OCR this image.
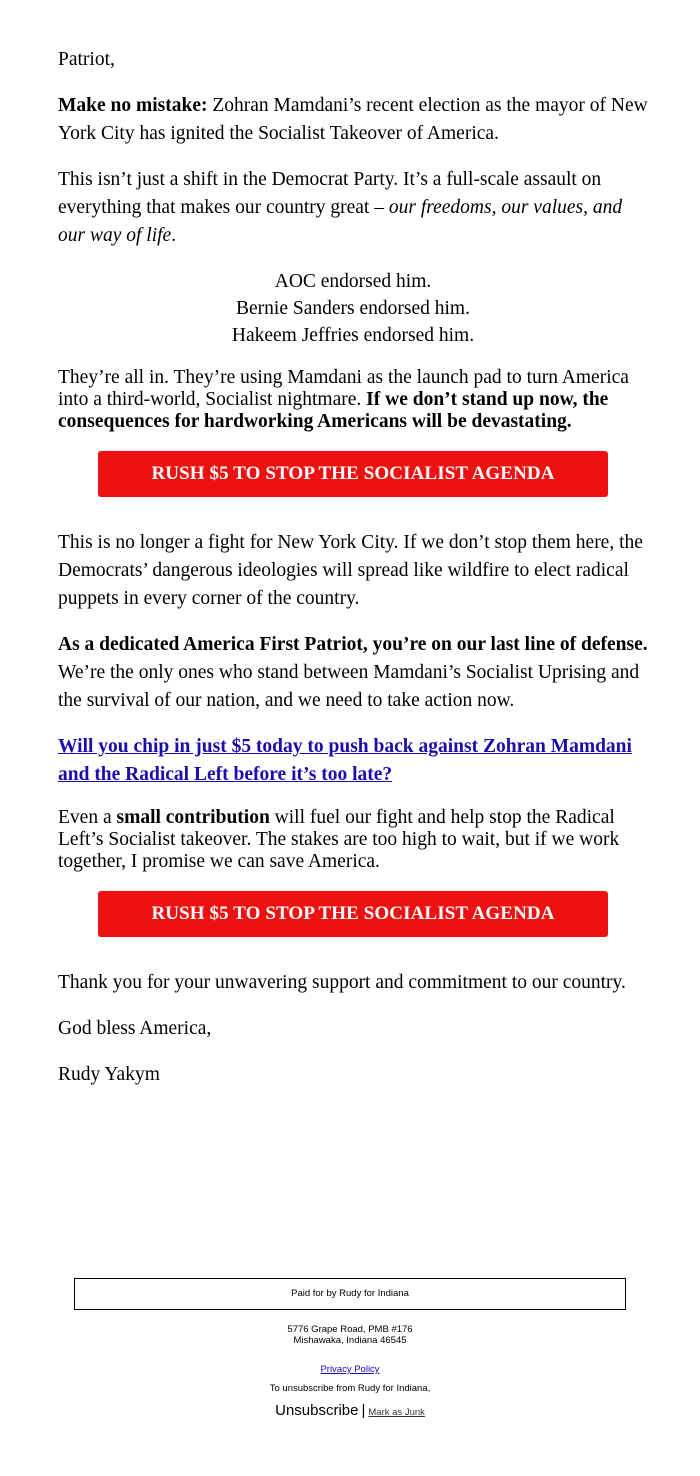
Patriot,

Make no mistake: Zohran Mamdani’s recent election as the mayor of New York City has ignited the Socialist Takeover of America.

This isn’t just a shift in the Democrat Party. It’s a full-scale assault on everything that makes our country great – our freedoms, our values, and our way of life.

AOC endorsed him.
Bernie Sanders endorsed him.
Hakeem Jeffries endorsed him.

They’re all in. They’re using Mamdani as the launch pad to turn America into a third-world, Socialist nightmare. If we don’t stand up now, the consequences for hardworking Americans will be devastating.

RUSH $5 TO STOP THE SOCIALIST AGENDA

This is no longer a fight for New York City. If we don’t stop them here, the Democrats’ dangerous ideologies will spread like wildfire to elect radical puppets in every corner of the country.

As a dedicated America First Patriot, you’re on our last line of defense. We’re the only ones who stand between Mamdani’s Socialist Uprising and the survival of our nation, and we need to take action now.

Will you chip in just $5 today to push back against Zohran Mamdani and the Radical Left before it’s too late?

Even a small contribution will fuel our fight and help stop the Radical Left’s Socialist takeover. The stakes are too high to wait, but if we work together, I promise we can save America.

RUSH $5 TO STOP THE SOCIALIST AGENDA

Thank you for your unwavering support and commitment to our country.

God bless America,

Rudy Yakym

Paid for by Rudy for Indiana
5776 Grape Road, PMB #176
Mishawaka, Indiana 46545
Privacy Policy
To unsubscribe from Rudy for Indiana,
Unsubscribe | Mark as Junk
